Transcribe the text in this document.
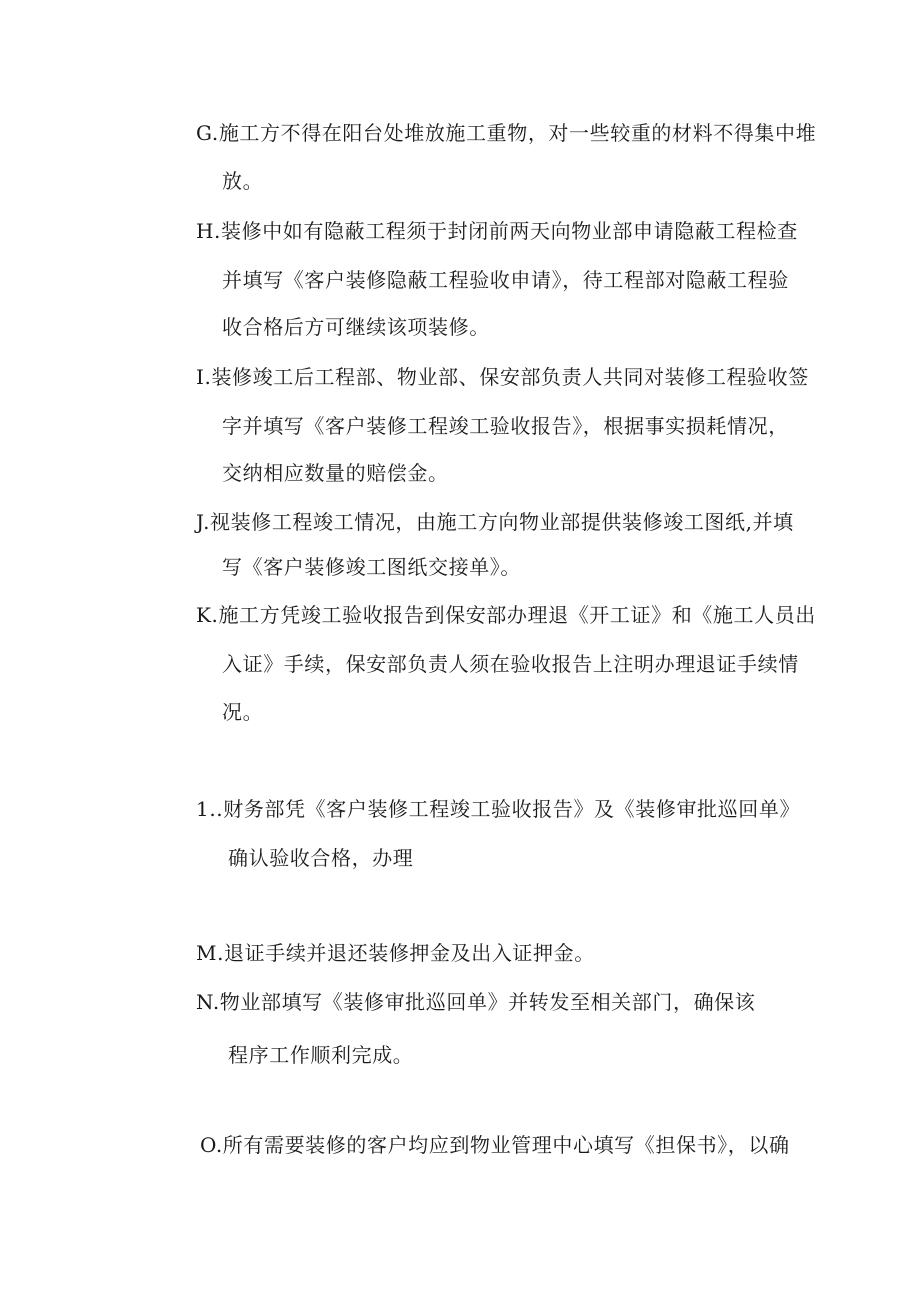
G.施工方不得在阳台处堆放施工重物，对一些较重的材料不得集中堆
放。
H.装修中如有隐蔽工程须于封闭前两天向物业部申请隐蔽工程检查
并填写《客户装修隐蔽工程验收申请》，待工程部对隐蔽工程验
收合格后方可继续该项装修。
I.装修竣工后工程部、物业部、保安部负责人共同对装修工程验收签
字并填写《客户装修工程竣工验收报告》，根据事实损耗情况，
交纳相应数量的赔偿金。
J.视装修工程竣工情况，由施工方向物业部提供装修竣工图纸,并填
写《客户装修竣工图纸交接单》。
K.施工方凭竣工验收报告到保安部办理退《开工证》和《施工人员出
入证》手续，保安部负责人须在验收报告上注明办理退证手续情
况。
1..财务部凭《客户装修工程竣工验收报告》及《装修审批巡回单》
确认验收合格，办理
M.退证手续并退还装修押金及出入证押金。
N.物业部填写《装修审批巡回单》并转发至相关部门，确保该
程序工作顺利完成。
O.所有需要装修的客户均应到物业管理中心填写《担保书》，以确
